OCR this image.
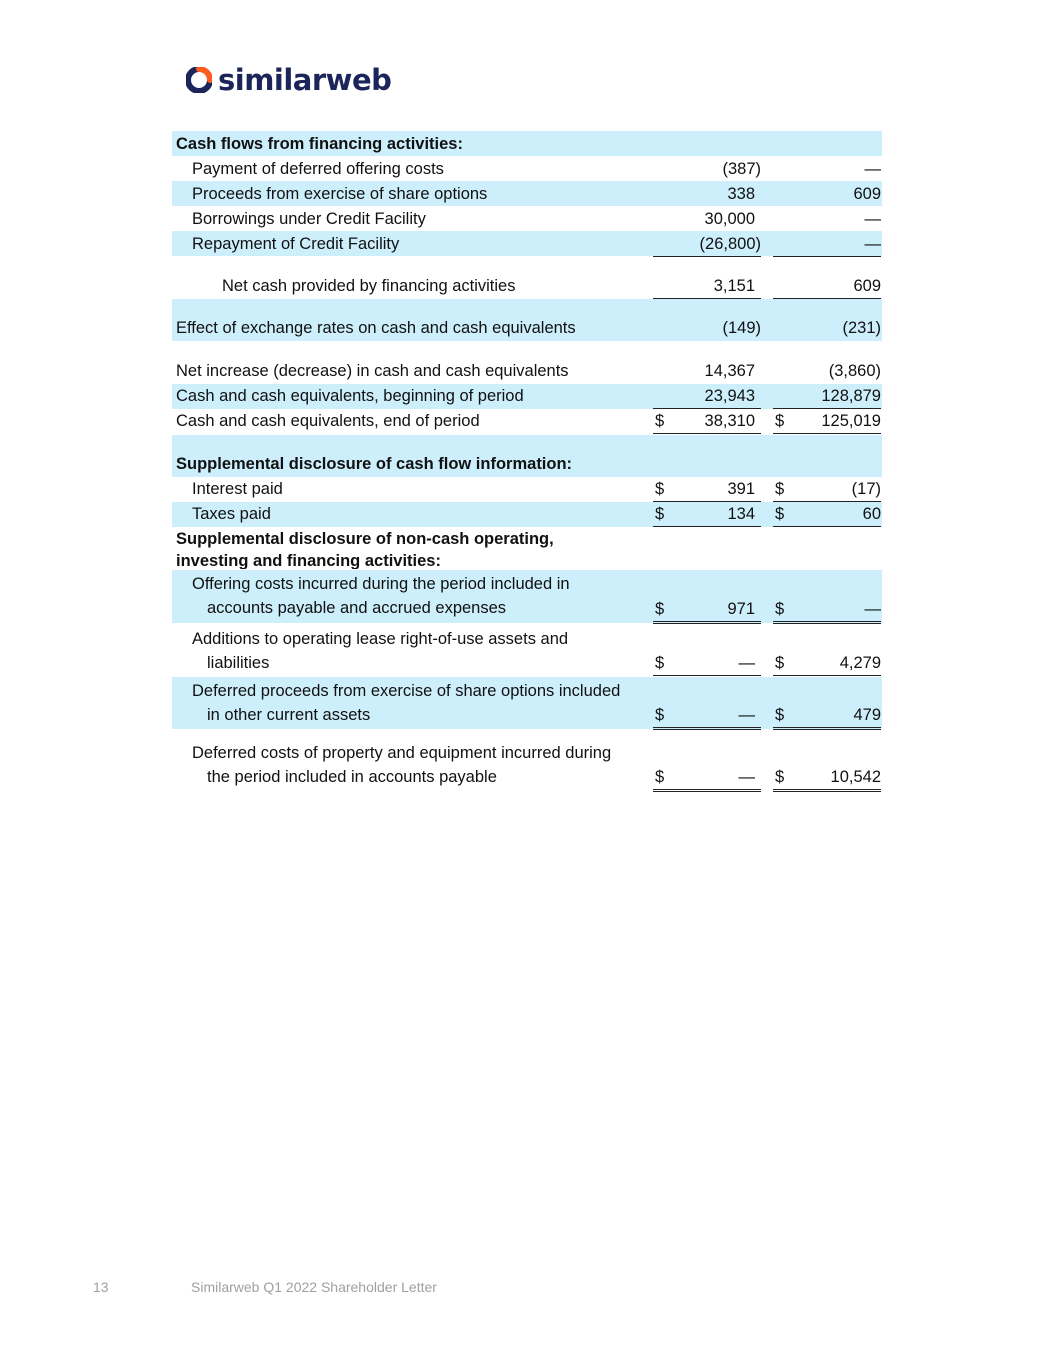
similarweb
Cash flows from financing activities:
Payment of deferred offering costs	(387)	—
Proceeds from exercise of share options	338	609
Borrowings under Credit Facility	30,000	—
Repayment of Credit Facility	(26,800)	—
Net cash provided by financing activities	3,151	609
Effect of exchange rates on cash and cash equivalents	(149)	(231)
Net increase (decrease) in cash and cash equivalents	14,367	(3,860)
Cash and cash equivalents, beginning of period	23,943	128,879
Cash and cash equivalents, end of period	$ 38,310 $ 125,019
Supplemental disclosure of cash flow information:
Interest paid	$	391 $	(17)
Taxes paid	$	134 $	60
Supplemental disclosure of non-cash operating,
investing and financing activities:
Offering costs incurred during the period included in
accounts payable and accrued expenses	$	971 $	—
Additions to operating lease right-of-use assets and
liabilities	$	— $	4,279
Deferred proceeds from exercise of share options included
in other current assets	$	— $	479
Deferred costs of property and equipment incurred during
the period included in accounts payable	$	— $	10,542
13	Similarweb Q1 2022 Shareholder Letter
